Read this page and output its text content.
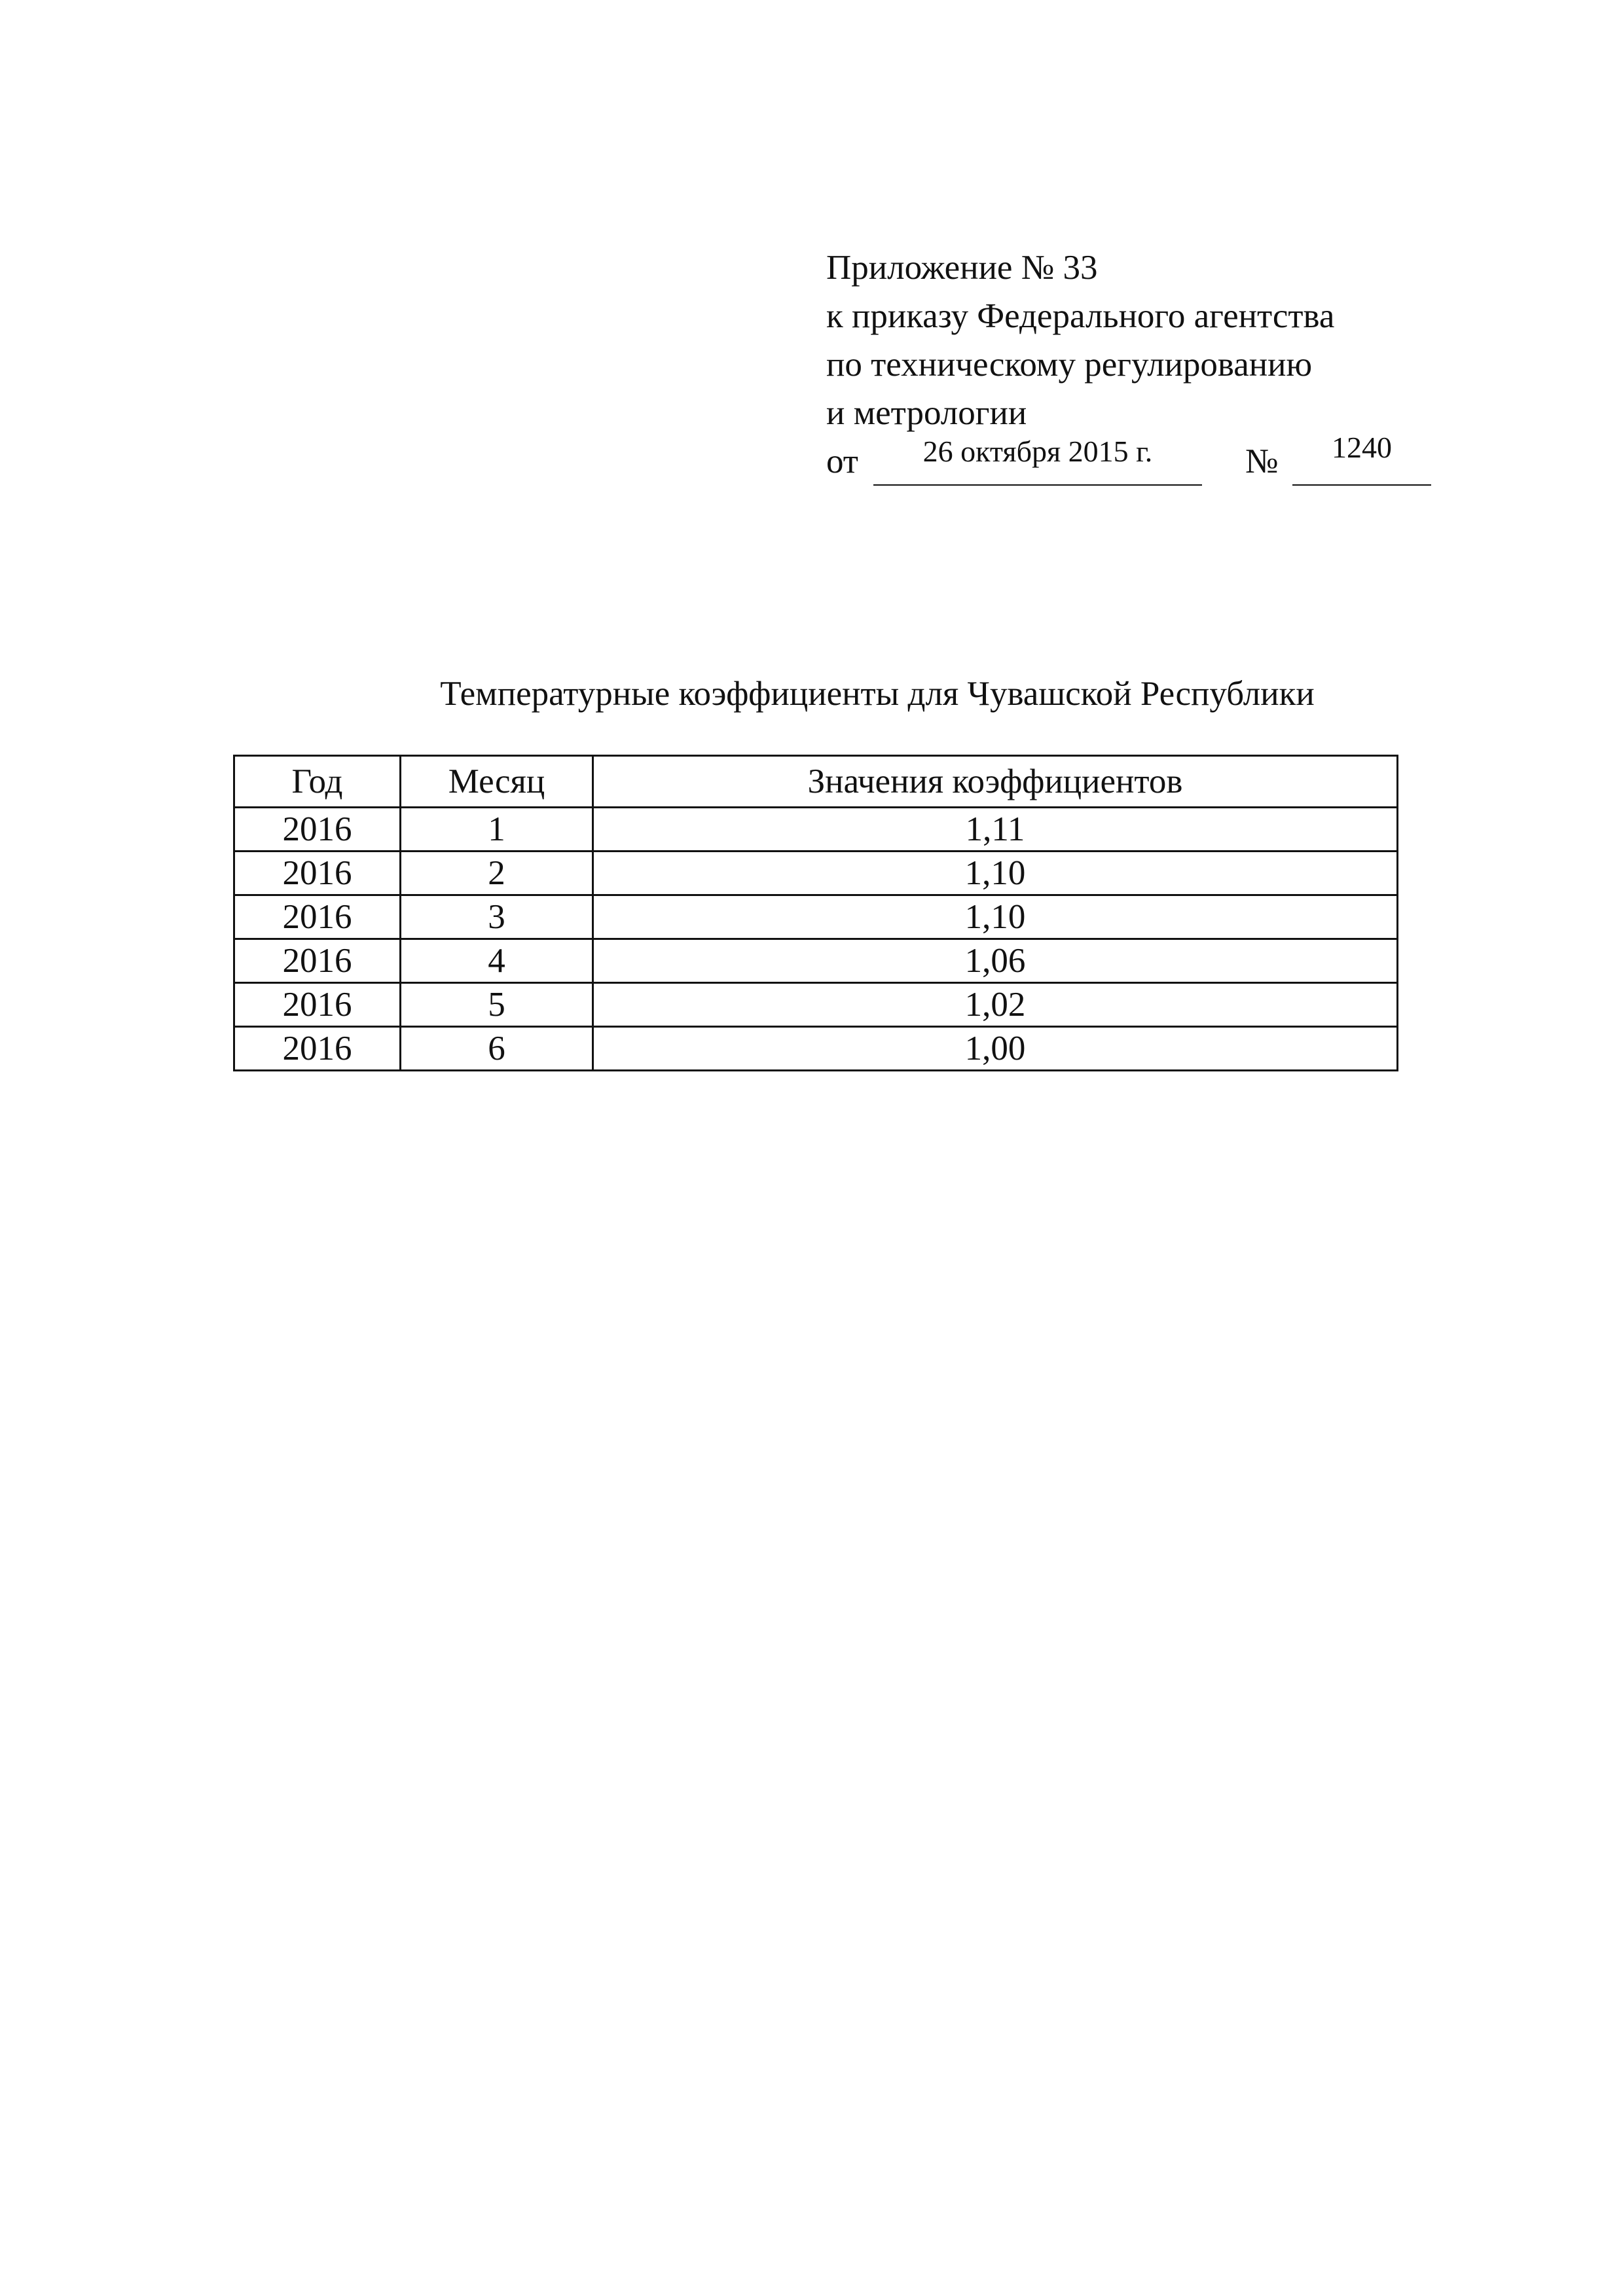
Приложение № 33
к приказу Федерального агентства
по техническому регулированию
и метрологии
от	26 октября 2015 г.	№	1240
Температурные коэффициенты для Чувашской Республики
Год	Месяц	Значения коэффициентов
2016	1	1,11
2016	2	1,10
2016	3	1,10
2016	4	1,06
2016	5	1,02
2016	6	1,00
